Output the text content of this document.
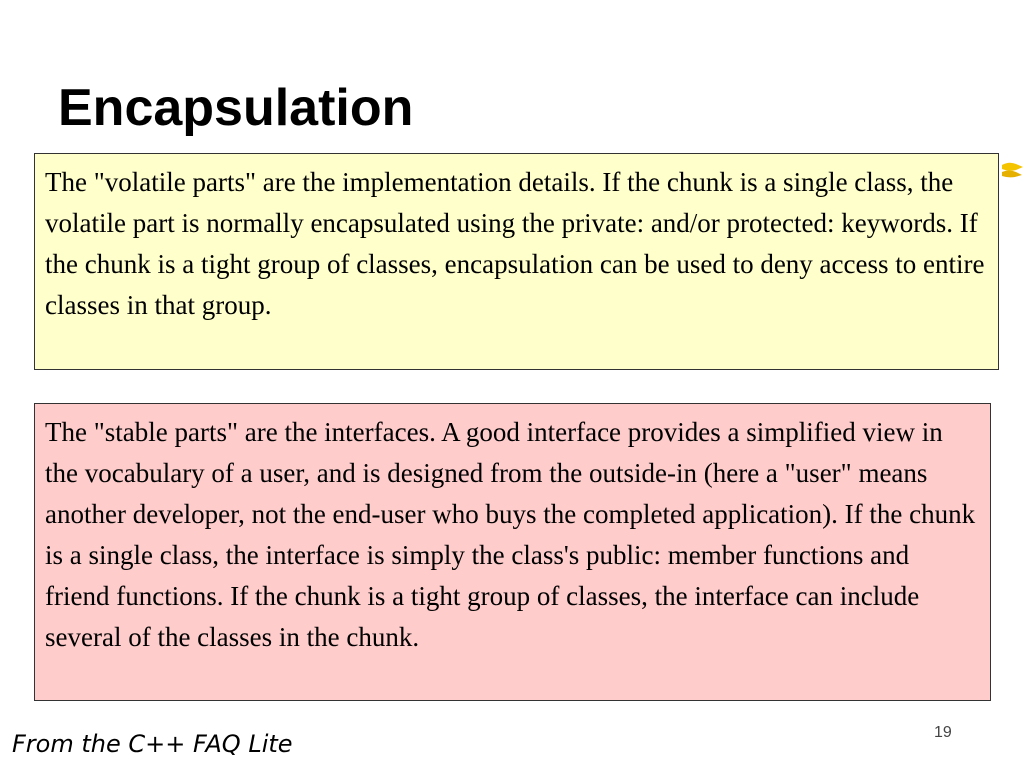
Encapsulation

The "volatile parts" are the implementation details. If the chunk is a single class, the volatile part is normally encapsulated using the private: and/or protected: keywords. If the chunk is a tight group of classes, encapsulation can be used to deny access to entire classes in that group.

The "stable parts" are the interfaces. A good interface provides a simplified view in the vocabulary of a user, and is designed from the outside-in (here a "user" means another developer, not the end-user who buys the completed application). If the chunk is a single class, the interface is simply the class's public: member functions and friend functions. If the chunk is a tight group of classes, the interface can include several of the classes in the chunk.

19
From the C++ FAQ Lite
